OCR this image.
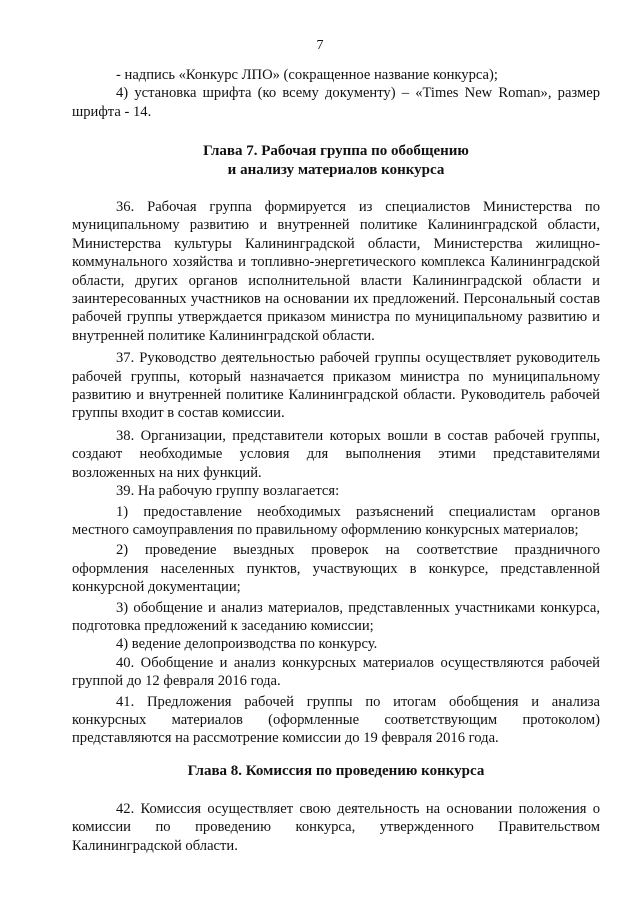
7

- надпись «Конкурс ЛПО» (сокращенное название конкурса);

4) установка шрифта (ко всему документу) – «Times New Roman», размер шрифта - 14.

Глава 7. Рабочая группа по обобщению
и анализу материалов конкурса

36. Рабочая группа формируется из специалистов Министерства по муниципальному развитию и внутренней политике Калининградской области, Министерства культуры Калининградской области, Министерства жилищно-коммунального хозяйства и топливно-энергетического комплекса Калининградской области, других органов исполнительной власти Калининградской области и заинтересованных участников на основании их предложений. Персональный состав рабочей группы утверждается приказом министра по муниципальному развитию и внутренней политике Калининградской области.

37. Руководство деятельностью рабочей группы осуществляет руководитель рабочей группы, который назначается приказом министра по муниципальному развитию и внутренней политике Калининградской области. Руководитель рабочей группы входит в состав комиссии.

38. Организации, представители которых вошли в состав рабочей группы, создают необходимые условия для выполнения этими представителями возложенных на них функций.

39. На рабочую группу возлагается:

1) предоставление необходимых разъяснений специалистам органов местного самоуправления по правильному оформлению конкурсных материалов;

2) проведение выездных проверок на соответствие праздничного оформления населенных пунктов, участвующих в конкурсе, представленной конкурсной документации;

3) обобщение и анализ материалов, представленных участниками конкурса, подготовка предложений к заседанию комиссии;

4) ведение делопроизводства по конкурсу.

40. Обобщение и анализ конкурсных материалов осуществляются рабочей группой до 12 февраля 2016 года.

41. Предложения рабочей группы по итогам обобщения и анализа конкурсных материалов (оформленные соответствующим протоколом) представляются на рассмотрение комиссии до 19 февраля 2016 года.

Глава 8. Комиссия по проведению конкурса

42. Комиссия осуществляет свою деятельность на основании положения о комиссии по проведению конкурса, утвержденного Правительством Калининградской области.
